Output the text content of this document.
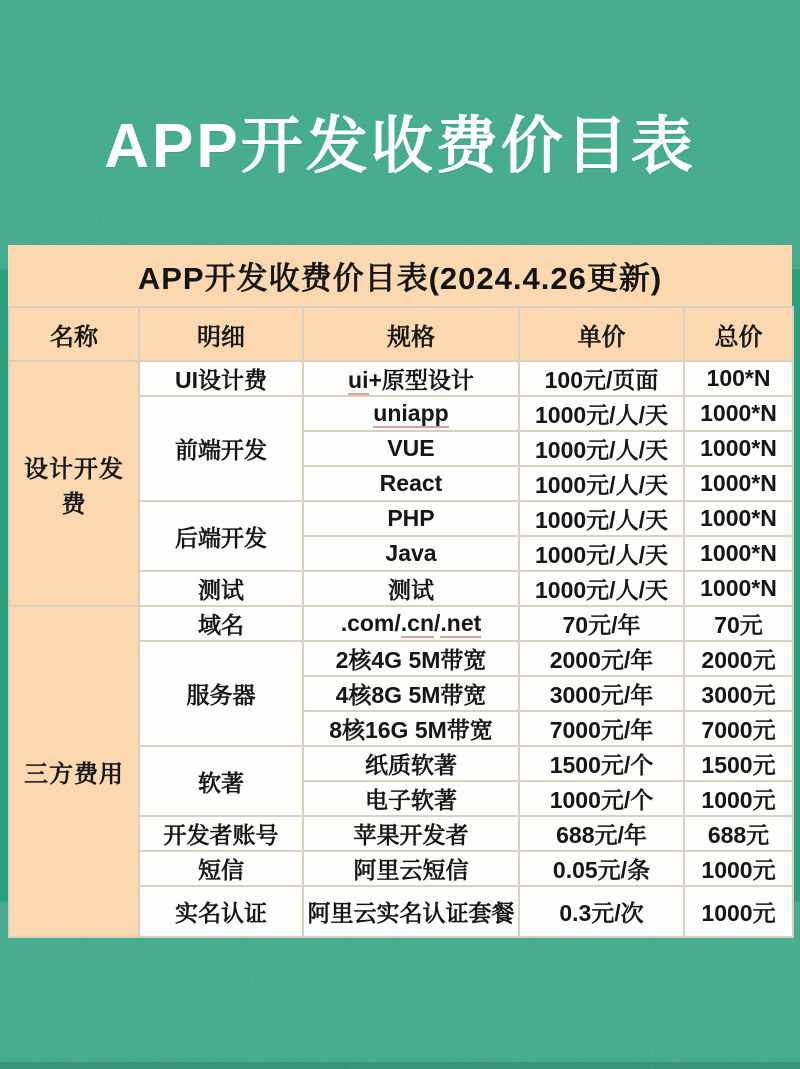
APP开发收费价目表
APP开发收费价目表(2024.4.26更新)
名称	明细	规格	单价	总价
设计开发费	UI设计费	ui+原型设计	100元/页面	100*N
	前端开发	uniapp	1000元/人/天	1000*N
		VUE	1000元/人/天	1000*N
		React	1000元/人/天	1000*N
	后端开发	PHP	1000元/人/天	1000*N
		Java	1000元/人/天	1000*N
	测试	测试	1000元/人/天	1000*N
三方费用	域名	.com/.cn/.net	70元/年	70元
	服务器	2核4G 5M带宽	2000元/年	2000元
		4核8G 5M带宽	3000元/年	3000元
		8核16G 5M带宽	7000元/年	7000元
	软著	纸质软著	1500元/个	1500元
		电子软著	1000元/个	1000元
	开发者账号	苹果开发者	688元/年	688元
	短信	阿里云短信	0.05元/条	1000元
	实名认证	阿里云实名认证套餐	0.3元/次	1000元
